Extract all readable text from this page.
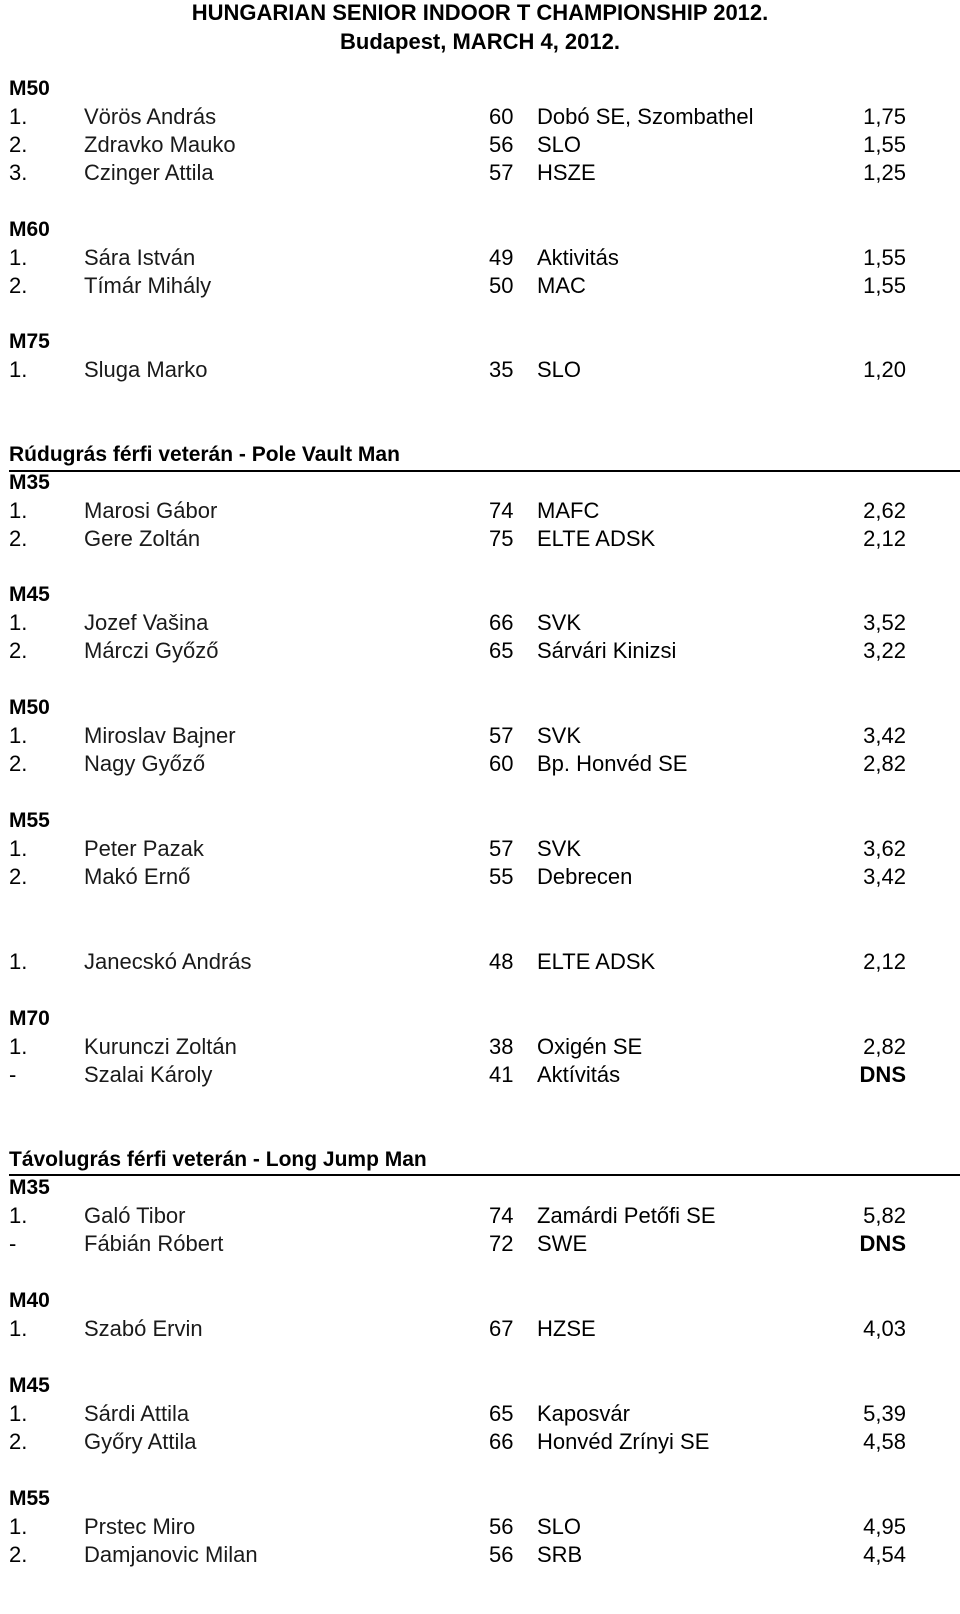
HUNGARIAN SENIOR INDOOR T CHAMPIONSHIP 2012.
Budapest, MARCH 4, 2012.
M50
1.	Vörös András	60 Dobó SE, Szombathel	1,75
2.	Zdravko Mauko	56 SLO	1,55
3.	Czinger Attila	57 HSZE	1,25
M60
1.	Sára István	49 Aktivitás	1,55
2.	Tímár Mihály	50 MAC	1,55
M75
1.	Sluga Marko	35 SLO	1,20
Rúdugrás férfi veterán - Pole Vault Man
M35
1.	Marosi Gábor	74 MAFC	2,62
2.	Gere Zoltán	75 ELTE ADSK	2,12
M45
1.	Jozef Vašina	66 SVK	3,52
2.	Márczi Győző	65 Sárvári Kinizsi	3,22
M50
1.	Miroslav Bajner	57 SVK	3,42
2.	Nagy Győző	60 Bp. Honvéd SE	2,82
M55
1.	Peter Pazak	57 SVK	3,62
2.	Makó Ernő	55 Debrecen	3,42
1.	Janecskó András	48 ELTE ADSK	2,12
M70
1.	Kurunczi Zoltán	38 Oxigén SE	2,82
-	Szalai Károly	41 Aktívitás	DNS
Távolugrás férfi veterán - Long Jump Man
M35
1.	Galó Tibor	74 Zamárdi Petőfi SE	5,82
-	Fábián Róbert	72 SWE	DNS
M40
1.	Szabó Ervin	67 HZSE	4,03
M45
1.	Sárdi Attila	65 Kaposvár	5,39
2.	Győry Attila	66 Honvéd Zrínyi SE	4,58
M55
1.	Prstec Miro	56 SLO	4,95
2.	Damjanovic Milan	56 SRB	4,54
